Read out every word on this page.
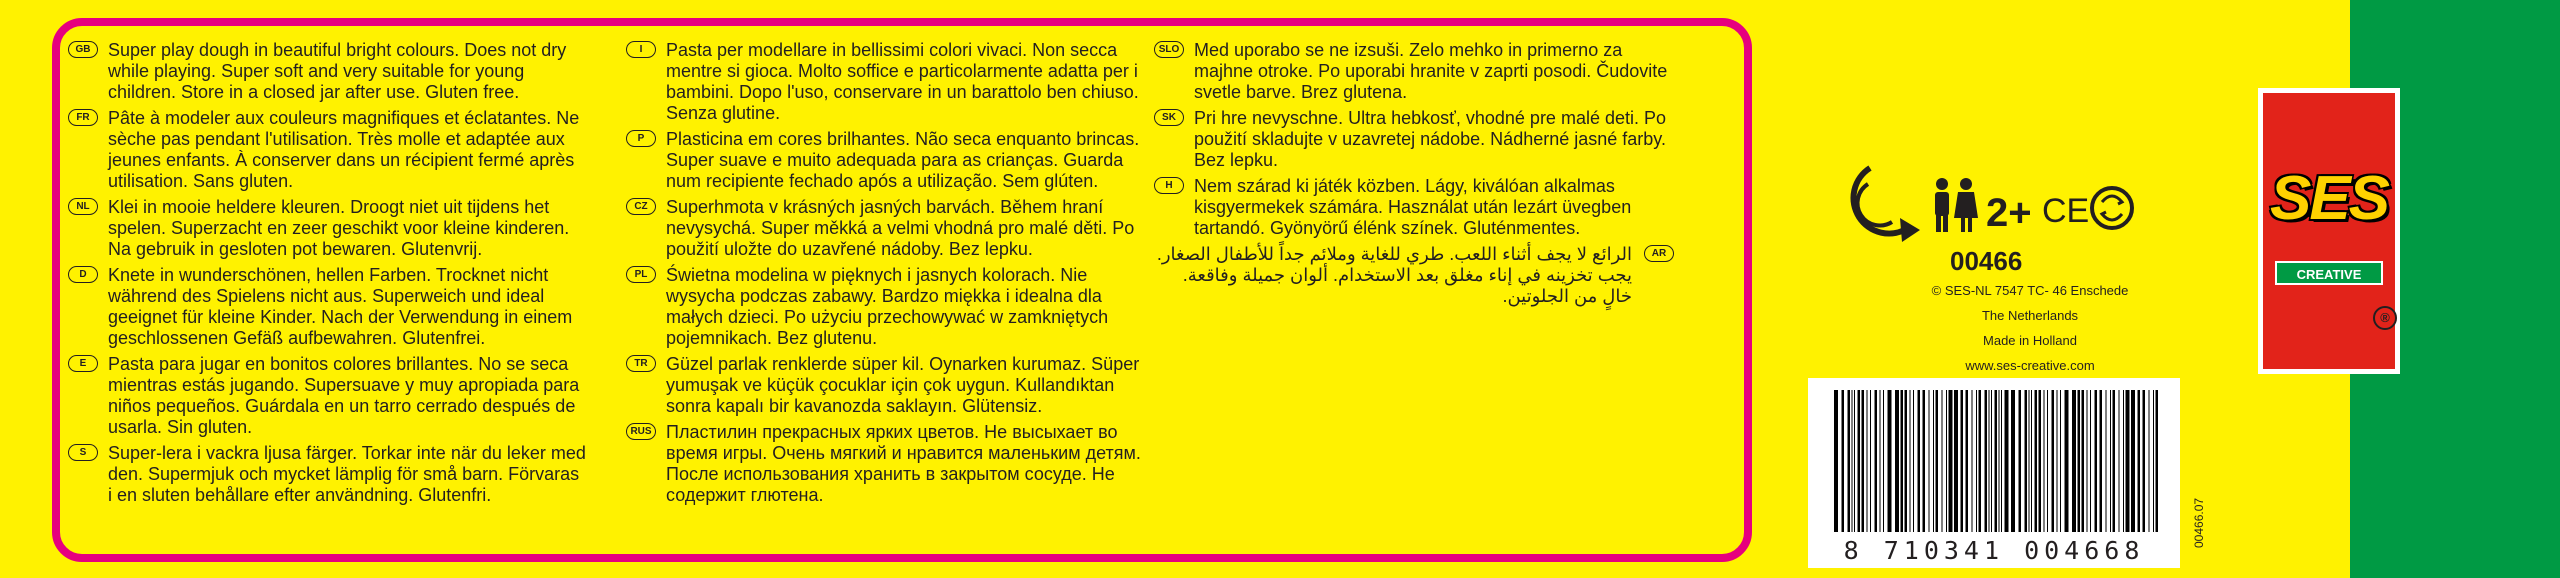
GB Super play dough in beautiful bright colours. Does not dry while playing. Super soft and very suitable for young children. Store in a closed jar after use. Gluten free.
FR	Pâte à modeler aux couleurs magnifiques et éclatantes. Ne sèche pas pendant l'utilisation. Très molle et adaptée aux jeunes enfants. À conserver dans un récipient fermé après utilisation. Sans gluten.
NL	Klei in mooie heldere kleuren. Droogt niet uit tijdens het spelen. Superzacht en zeer geschikt voor kleine kinderen. Na gebruik in gesloten pot bewaren. Glutenvrij.
D	Knete in wunderschönen, hellen Farben. Trocknet nicht während des Spielens nicht aus. Superweich und ideal geeignet für kleine Kinder. Nach der Verwendung in einem geschlossenen Gefäß aufbewahren. Glutenfrei.
E	Pasta para jugar en bonitos colores brillantes. No se seca mientras estás jugando. Supersuave y muy apropiada para niños pequeños. Guárdala en un tarro cerrado después de usarla. Sin gluten.
S	Super-lera i vackra ljusa färger. Torkar inte när du leker med den. Supermjuk och mycket lämplig för små barn. Förvaras i en sluten behållare efter användning. Glutenfri.
I	Pasta per modellare in bellissimi colori vivaci. Non secca mentre si gioca. Molto soffice e particolarmente adatta per i bambini. Dopo l'uso, conservare in un barattolo ben chiuso. Senza glutine.
P	Plasticina em cores brilhantes. Não seca enquanto brincas. Super suave e muito adequada para as crianças. Guarda num recipiente fechado após a utilização. Sem glúten.
CZ	Superhmota v krásných jasných barvách. Během hraní nevysychá. Super měkká a velmi vhodná pro malé děti. Po použití uložte do uzavřené nádoby. Bez lepku.
PL	Świetna modelina w pięknych i jasnych kolorach. Nie wysycha podczas zabawy. Bardzo miękka i idealna dla małych dzieci. Po użyciu przechowywać w zamkniętych pojemnikach. Bez glutenu.
TR	Güzel parlak renklerde süper kil. Oynarken kurumaz. Süper yumuşak ve küçük çocuklar için çok uygun. Kullandıktan sonra kapalı bir kavanozda saklayın. Glütensiz.
RUS Пластилин прекрасных ярких цветов. Не высыхает во время игры. Очень мягкий и нравится маленьким детям. После использования хранить в закрытом сосуде. Не содержит глютена.
SLO Med uporabo se ne izsuši. Zelo mehko in primerno za majhne otroke. Po uporabi hranite v zaprti posodi. Čudovite svetle barve. Brez glutena.
SK	Pri hre nevyschne. Ultra hebkosť, vhodné pre malé deti. Po použití skladujte v uzavretej nádobe. Nádherné jasné farby. Bez lepku.
H	Nem szárad ki játék közben. Lágy, kiválóan alkalmas kisgyermekek számára. Használat után lezárt üvegben tartandó. Gyönyörű élénk színek. Gluténmentes.
AR
الرائع لا يجف أثناء اللعب. طري للغاية وملائم جداً للأطفال الصغار. يجب تخزينه في إناء مغلق بعد الاستخدام. ألوان جميلة وفاقعة. خالٍ من الجلوتين.
2+ CE
00466
© SES-NL 7547 TC- 46 Enschede
The Netherlands
Made in Holland
www.ses-creative.com
8 710341 004668
00466.07
SES
CREATIVE
®
